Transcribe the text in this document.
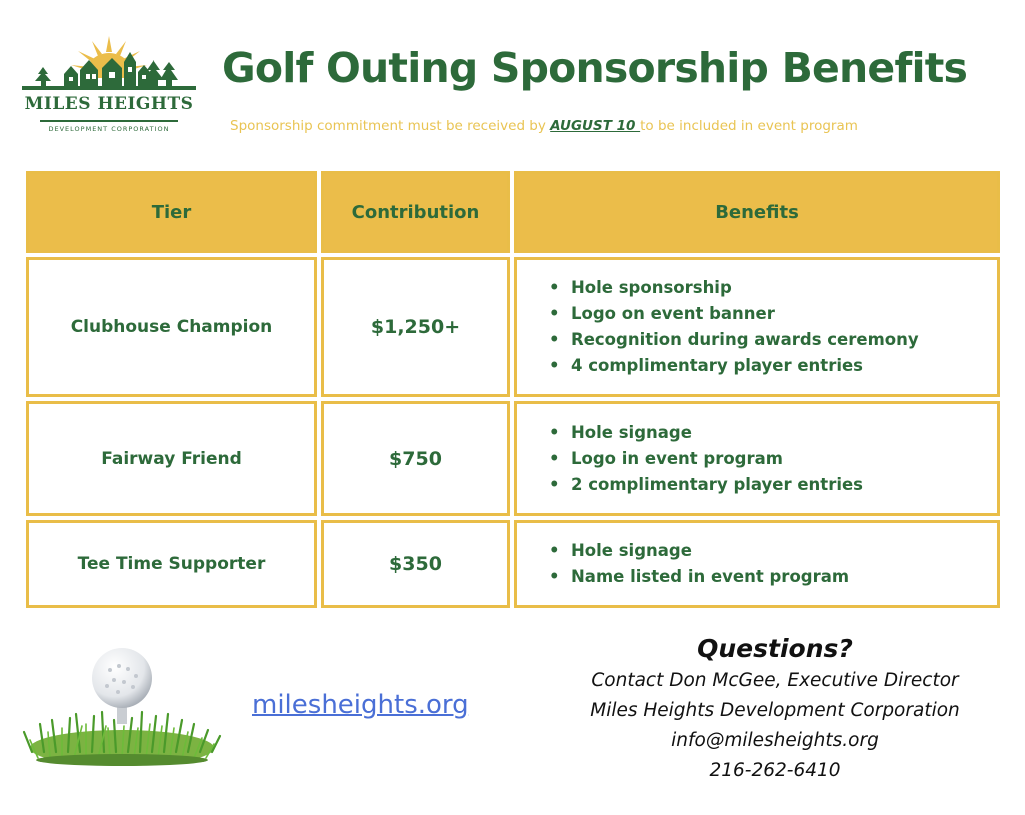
MILES HEIGHTS
DEVELOPMENT CORPORATION
Golf Outing Sponsorship Benefits
Sponsorship commitment must be received by AUGUST 10 to be included in event program
Tier	Contribution	Benefits
Clubhouse Champion	$1,250+
• Hole sponsorship
• Logo on event banner
• Recognition during awards ceremony
• 4 complimentary player entries
Fairway Friend	$750
• Hole signage
• Logo in event program
• 2 complimentary player entries
Tee Time Supporter	$350
• Hole signage
• Name listed in event program
milesheights.org
Questions?
Contact Don McGee, Executive Director
Miles Heights Development Corporation
info@milesheights.org
216-262-6410
